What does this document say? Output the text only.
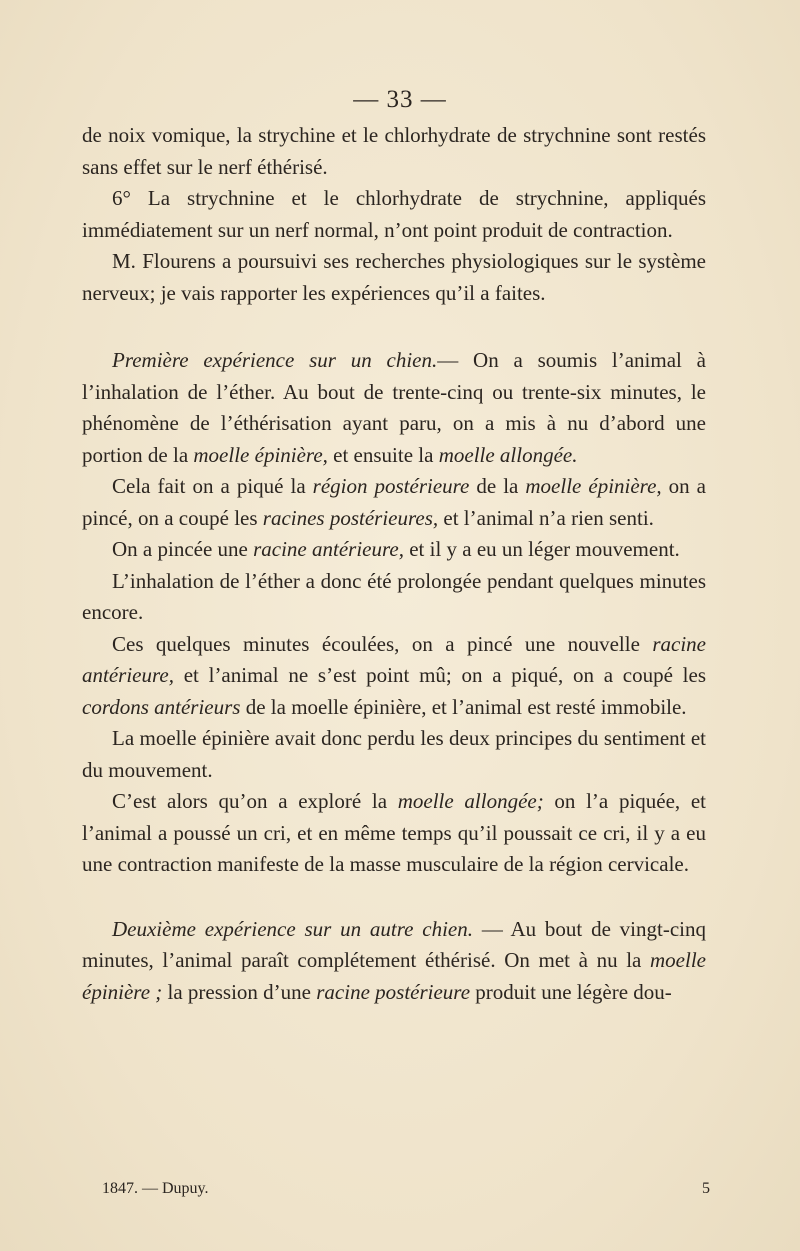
— 33 —

de noix vomique, la strychine et le chlorhydrate de strychnine sont restés sans effet sur le nerf éthérisé.

6° La strychnine et le chlorhydrate de strychnine, appliqués immédiatement sur un nerf normal, n’ont point produit de contraction.

M. Flourens a poursuivi ses recherches physiologiques sur le système nerveux; je vais rapporter les expériences qu’il a faites.

Première expérience sur un chien.— On a soumis l’animal à l’inhalation de l’éther. Au bout de trente-cinq ou trente-six minutes, le phénomène de l’éthérisation ayant paru, on a mis à nu d’abord une portion de la moelle épinière, et ensuite la moelle allongée.

Cela fait on a piqué la région postérieure de la moelle épinière, on a pincé, on a coupé les racines postérieures, et l’animal n’a rien senti.

On a pincée une racine antérieure, et il y a eu un léger mouvement.

L’inhalation de l’éther a donc été prolongée pendant quelques minutes encore.

Ces quelques minutes écoulées, on a pincé une nouvelle racine antérieure, et l’animal ne s’est point mû; on a piqué, on a coupé les cordons antérieurs de la moelle épinière, et l’animal est resté immobile.

La moelle épinière avait donc perdu les deux principes du sentiment et du mouvement.

C’est alors qu’on a exploré la moelle allongée; on l’a piquée, et l’animal a poussé un cri, et en même temps qu’il poussait ce cri, il y a eu une contraction manifeste de la masse musculaire de la région cervicale.

Deuxième expérience sur un autre chien. — Au bout de vingt-cinq minutes, l’animal paraît complétement éthérisé. On met à nu la moelle épinière ; la pression d’une racine postérieure produit une légère dou-

1847. — Dupuy.	5
